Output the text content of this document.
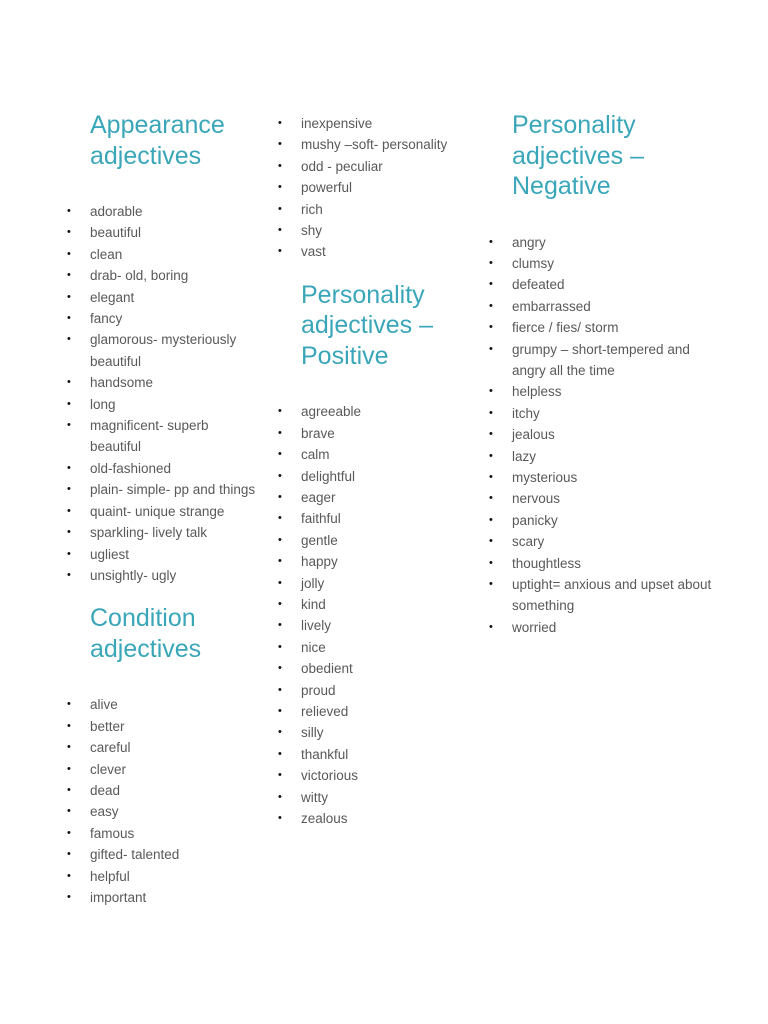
Appearance adjectives
• adorable
• beautiful
• clean
• drab- old, boring
• elegant
• fancy
• glamorous- mysteriously beautiful
• handsome
• long
• magnificent- superb beautiful
• old-fashioned
• plain- simple- pp and things
• quaint- unique strange
• sparkling- lively talk
• ugliest
• unsightly- ugly
Condition adjectives
• alive
• better
• careful
• clever
• dead
• easy
• famous
• gifted- talented
• helpful
• important
• inexpensive
• mushy –soft- personality
• odd - peculiar
• powerful
• rich
• shy
• vast
Personality adjectives – Positive
• agreeable
• brave
• calm
• delightful
• eager
• faithful
• gentle
• happy
• jolly
• kind
• lively
• nice
• obedient
• proud
• relieved
• silly
• thankful
• victorious
• witty
• zealous
Personality adjectives – Negative
• angry
• clumsy
• defeated
• embarrassed
• fierce / fies/ storm
• grumpy – short-tempered and angry all the time
• helpless
• itchy
• jealous
• lazy
• mysterious
• nervous
• panicky
• scary
• thoughtless
• uptight= anxious and upset about something
• worried
